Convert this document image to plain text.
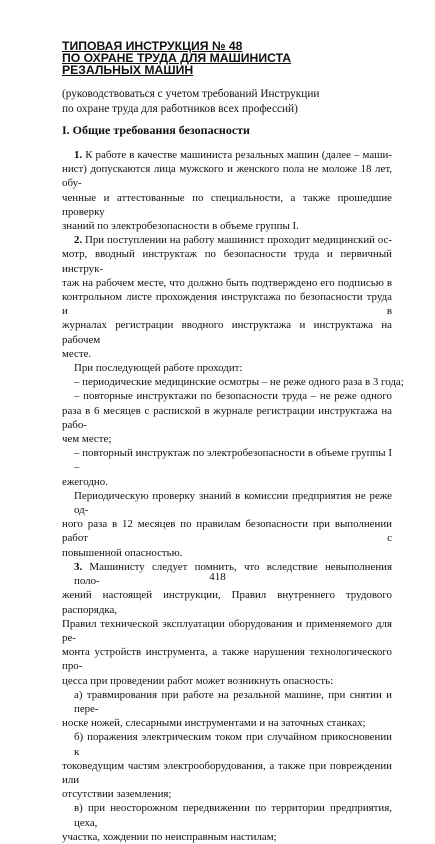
ТИПОВАЯ ИНСТРУКЦИЯ № 48
ПО ОХРАНЕ ТРУДА ДЛЯ МАШИНИСТА
РЕЗАЛЬНЫХ МАШИН
(руководствоваться с учетом требований Инструкции
по охране труда для работников всех профессий)
I. Общие требования безопасности
1. К работе в качестве машиниста резальных машин (далее – маши-
нист) допускаются лица мужского и женского пола не моложе 18 лет, обу-
ченные и аттестованные по специальности, а также прошедшие проверку
знаний по электробезопасности в объеме группы I.
2. При поступлении на работу машинист проходит медицинский ос-
мотр, вводный инструктаж по безопасности труда и первичный инструк-
таж на рабочем месте, что должно быть подтверждено его подписью в
контрольном листе прохождения инструктажа по безопасности труда и в
журналах регистрации вводного инструктажа и инструктажа на рабочем
месте.
При последующей работе проходит:
– периодические медицинские осмотры – не реже одного раза в 3 года;
– повторные инструктажи по безопасности труда – не реже одного
раза в 6 месяцев с распиской в журнале регистрации инструктажа на рабо-
чем месте;
– повторный инструктаж по электробезопасности в объеме группы I –
ежегодно.
Периодическую проверку знаний в комиссии предприятия не реже од-
ного раза в 12 месяцев по правилам безопасности при выполнении работ с
повышенной опасностью.
3. Машинисту следует помнить, что вследствие невыполнения поло-
жений настоящей инструкции, Правил внутреннего трудового распорядка,
Правил технической эксплуатации оборудования и применяемого для ре-
монта устройств инструмента, а также нарушения технологического про-
цесса при проведении работ может возникнуть опасность:
а) травмирования при работе на резальной машине, при снятии и пере-
носке ножей, слесарными инструментами и на заточных станках;
б) поражения электрическим током при случайном прикосновении к
токоведущим частям электрооборудования, а также при повреждении или
отсутствии заземления;
в) при неосторожном передвижении по территории предприятия, цеха,
участка, хождении по неисправным настилам;
418
